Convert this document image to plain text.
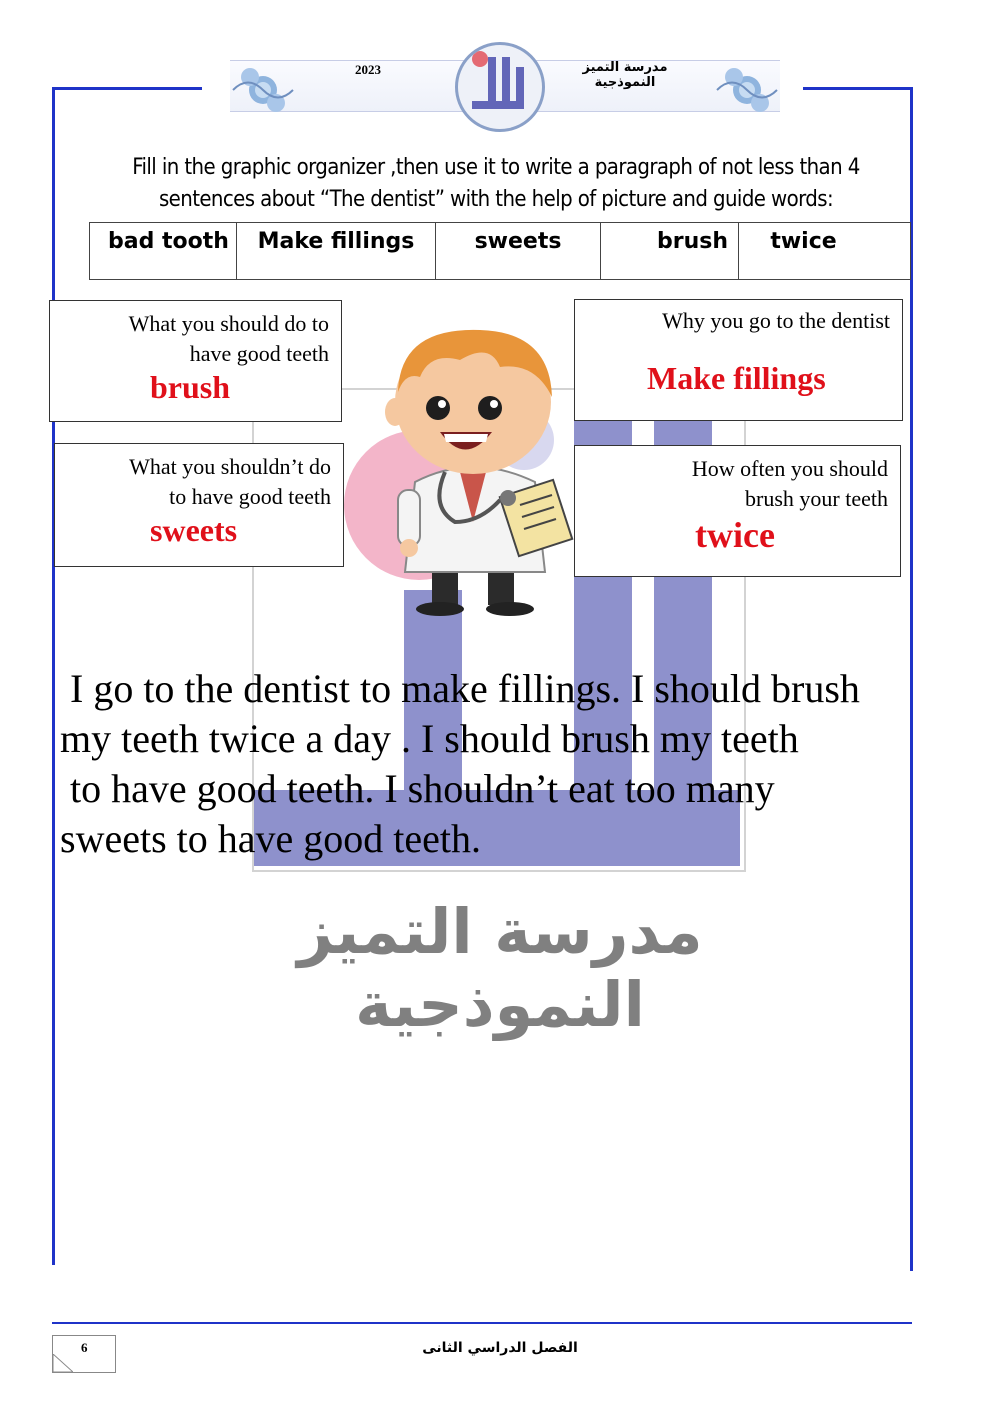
2023	مدرسة التميز النموذجية
مدرسة التميز النموذجية
Fill in the graphic organizer ,then use it to write a paragraph of not less than 4
sentences about “The dentist” with the help of picture and guide words:
bad tooth	Make fillings	sweets	brush	twice
What you should do to
have good teeth
brush
What you shouldn’t do
to have good teeth
sweets
Why you go to the dentist
Make fillings
How often you should
brush your teeth
twice
I go to the dentist to make fillings. I should brush
my teeth twice a day . I should brush my teeth
to have good teeth. I shouldn’t eat too many
sweets to have good teeth.
6	الفصل الدراسي الثانى
